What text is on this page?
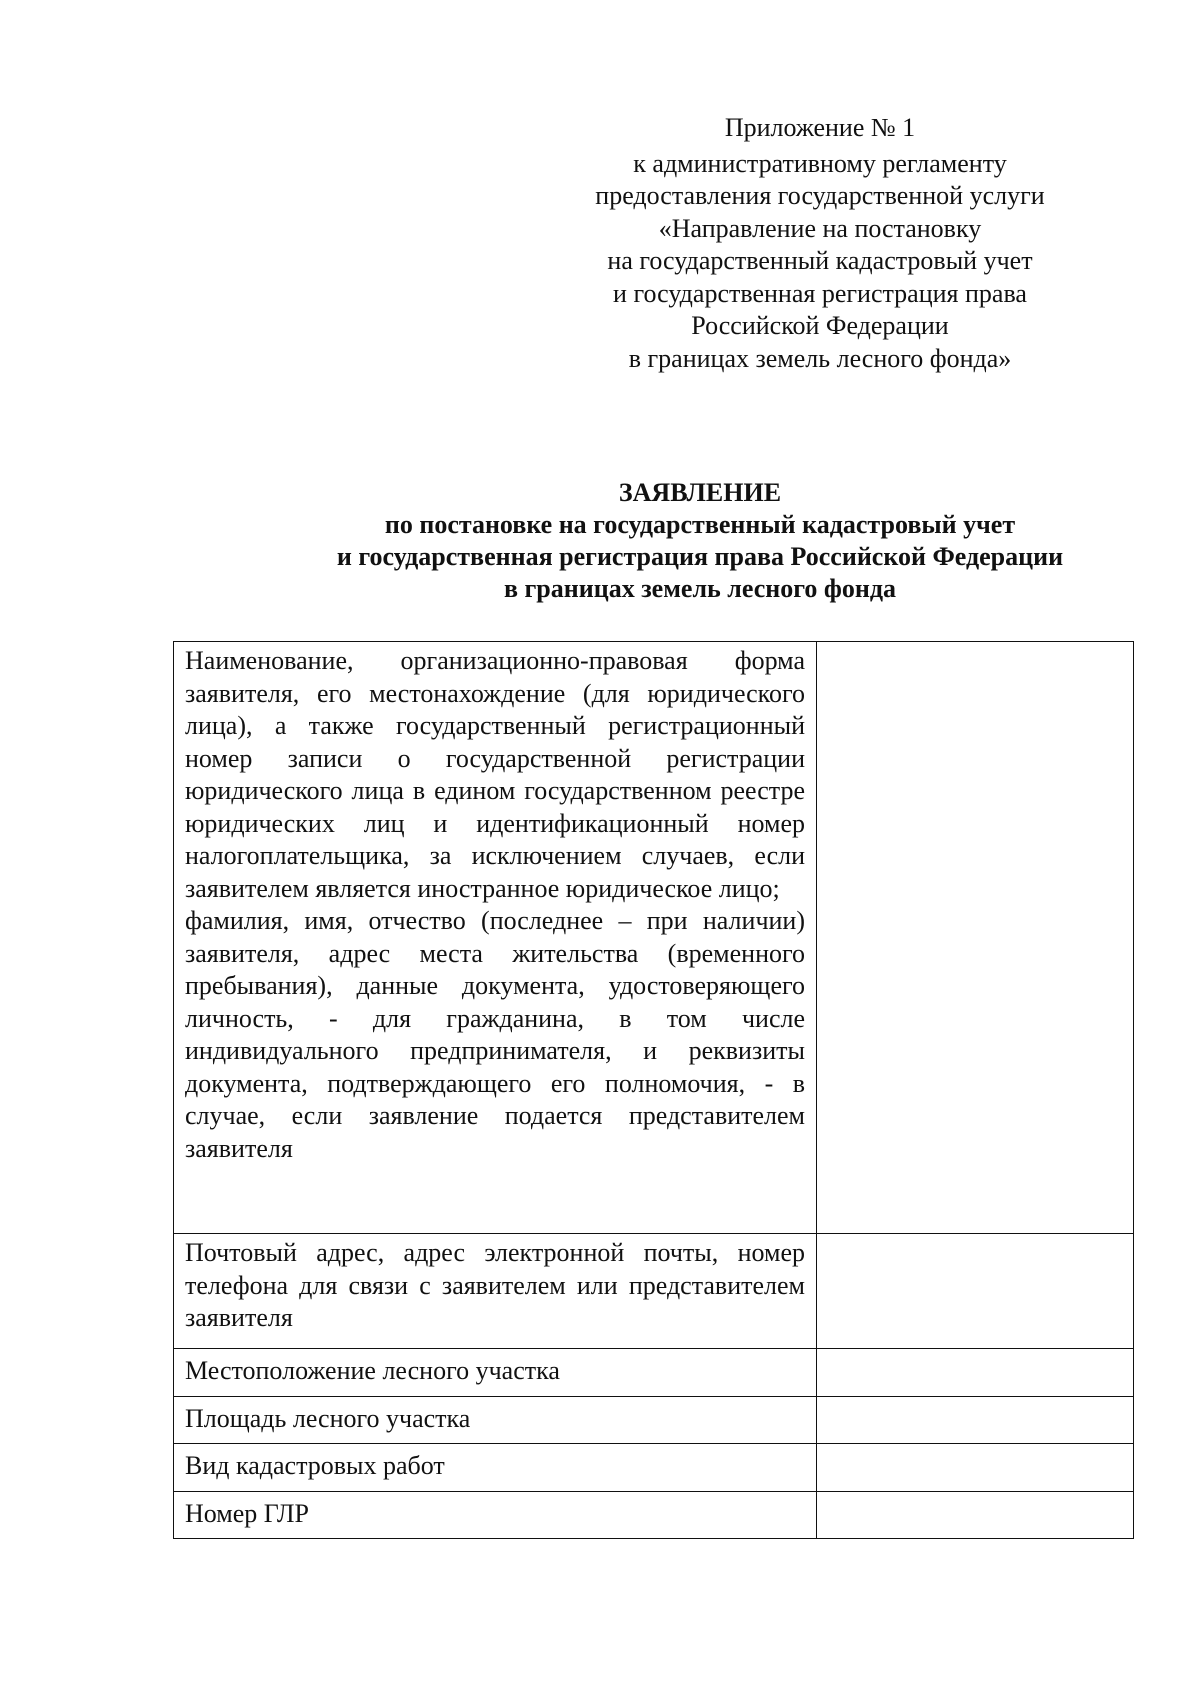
Приложение № 1
к административному регламенту
предоставления государственной услуги
«Направление на постановку
на государственный кадастровый учет
и государственная регистрация права
Российской Федерации
в границах земель лесного фонда»
ЗАЯВЛЕНИЕ
по постановке на государственный кадастровый учет
и государственная регистрация права Российской Федерации
в границах земель лесного фонда
Наименование, организационно-правовая форма заявителя, его местонахождение (для юридического лица), а также государственный регистрационный номер записи о государственной регистрации юридического лица в едином государственном реестре юридических лиц и идентификационный номер налогоплательщика, за исключением случаев, если заявителем является иностранное юридическое лицо;
фамилия, имя, отчество (последнее – при наличии) заявителя, адрес места жительства (временного пребывания), данные документа, удостоверяющего личность, - для гражданина, в том числе индивидуального предпринимателя, и реквизиты документа, подтверждающего его полномочия, - в случае, если заявление подается представителем заявителя	

Почтовый адрес, адрес электронной почты, номер телефона для связи с заявителем или представителем заявителя	
Местоположение лесного участка	
Площадь лесного участка	
Вид кадастровых работ	
Номер ГЛР	
